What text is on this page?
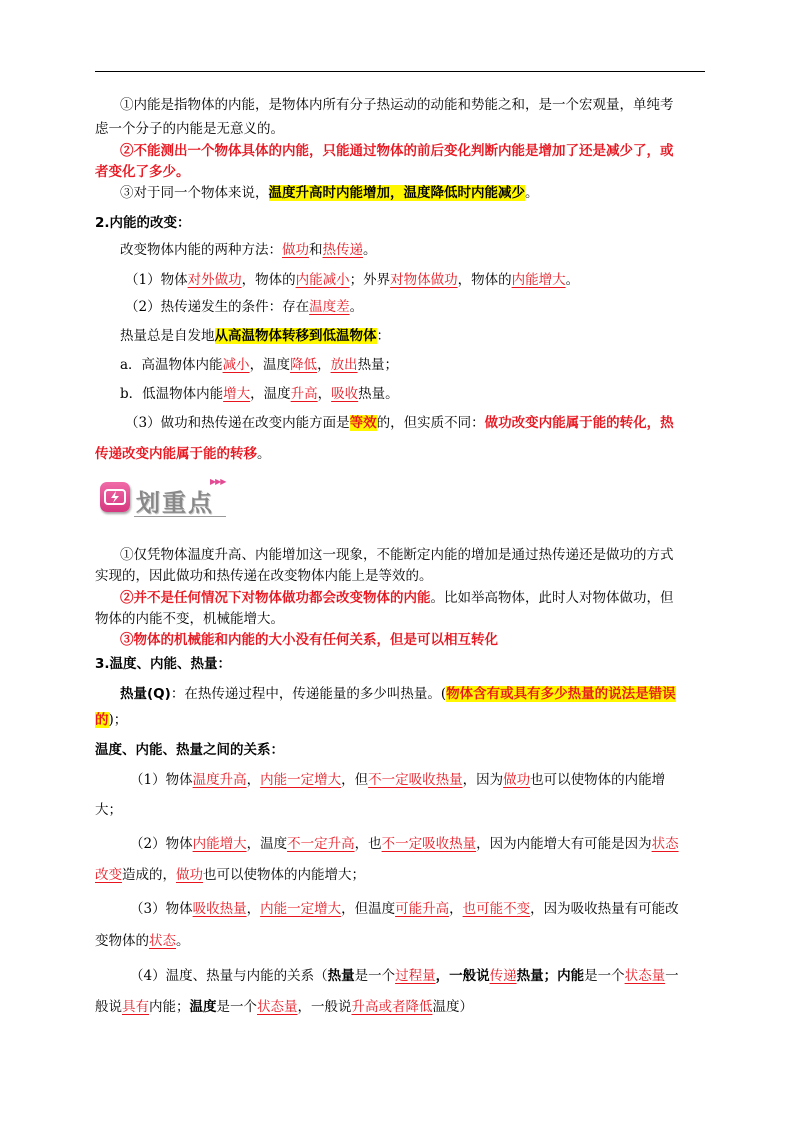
①内能是指物体的内能，是物体内所有分子热运动的动能和势能之和，是一个宏观量，单纯考
虑一个分子的内能是无意义的。
②不能测出一个物体具体的内能，只能通过物体的前后变化判断内能是增加了还是减少了，或
者变化了多少。
③对于同一个物体来说，温度升高时内能增加，温度降低时内能减少。
2.内能的改变：
改变物体内能的两种方法：做功和热传递。
（1）物体对外做功，物体的内能减小；外界对物体做功，物体的内能增大。
（2）热传递发生的条件：存在温度差。
热量总是自发地从高温物体转移到低温物体：
a．高温物体内能减小，温度降低，放出热量；
b．低温物体内能增大，温度升高，吸收热量。
（3）做功和热传递在改变内能方面是等效的，但实质不同：做功改变内能属于能的转化，热
传递改变内能属于能的转移。
划重点
▶▶▶
①仅凭物体温度升高、内能增加这一现象，不能断定内能的增加是通过热传递还是做功的方式
实现的，因此做功和热传递在改变物体内能上是等效的。
②并不是任何情况下对物体做功都会改变物体的内能。比如举高物体，此时人对物体做功，但
物体的内能不变，机械能增大。
③物体的机械能和内能的大小没有任何关系，但是可以相互转化
3.温度、内能、热量：
热量(Q)：在热传递过程中，传递能量的多少叫热量。(物体含有或具有多少热量的说法是错误
的)；
温度、内能、热量之间的关系：
（1）物体温度升高，内能一定增大，但不一定吸收热量，因为做功也可以使物体的内能增
大；
（2）物体内能增大，温度不一定升高，也不一定吸收热量，因为内能增大有可能是因为状态
改变造成的，做功也可以使物体的内能增大；
（3）物体吸收热量，内能一定增大，但温度可能升高，也可能不变，因为吸收热量有可能改
变物体的状态。
（4）温度、热量与内能的关系（热量是一个过程量，一般说传递热量；内能是一个状态量一
般说具有内能；温度是一个状态量，一般说升高或者降低温度）
